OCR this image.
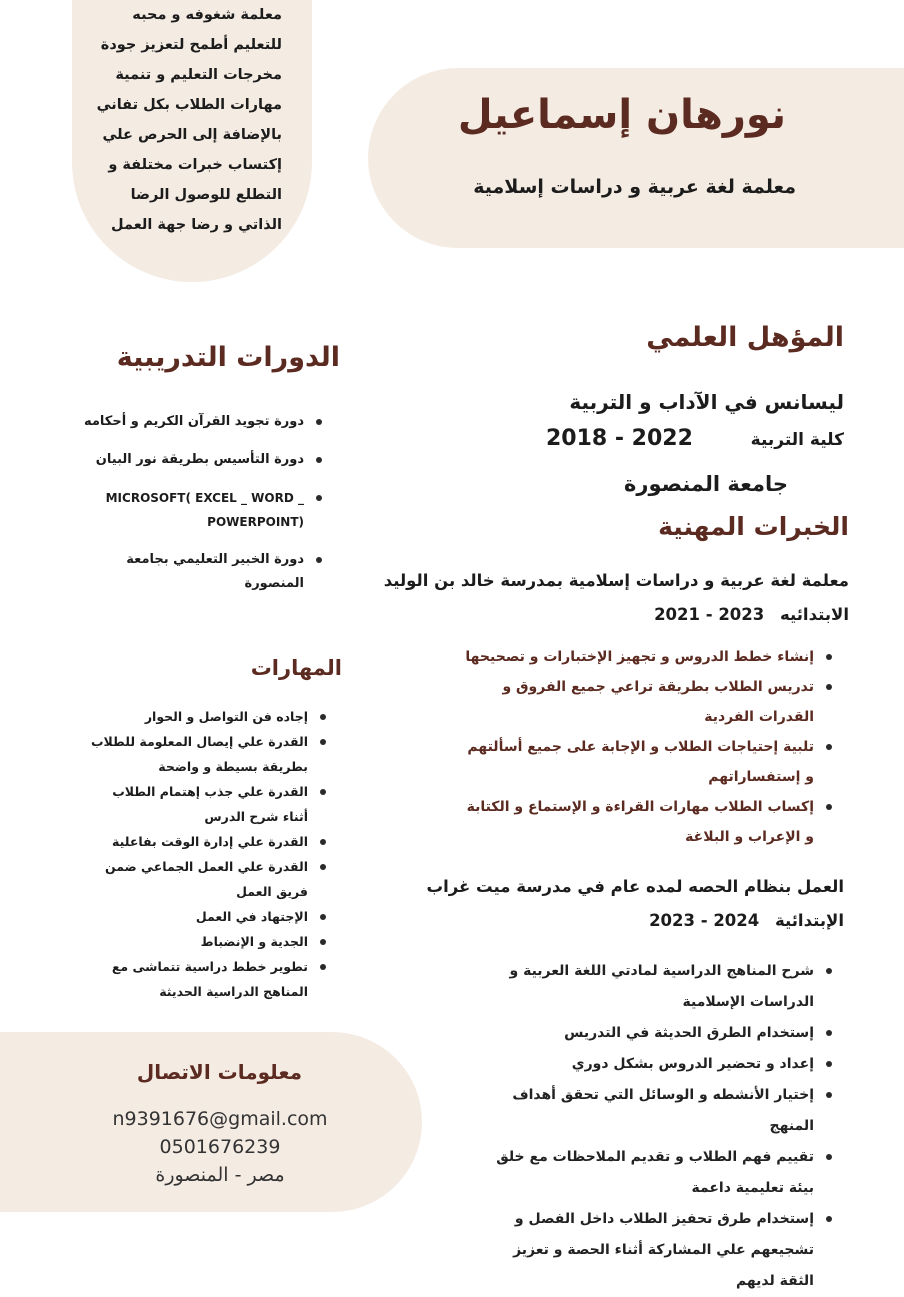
معلمة شغوفه و محبه للتعليم أطمح لتعزيز جودة مخرجات التعليم و تنمية مهارات الطلاب بكل تفاني بالإضافة إلى الحرص علي إكتساب خبرات مختلفة و التطلع للوصول الرضا الذاتي و رضا جهة العمل
نورهان إسماعيل
معلمة لغة عربية و دراسات إسلامية
المؤهل العلمي
ليسانس في الآداب و التربية
كلية التربية
2018 - 2022
جامعة المنصورة
الخبرات المهنية
معلمة لغة عربية و دراسات إسلامية بمدرسة خالد بن الوليد
الابتدائيه 2021 - 2023
إنشاء خطط الدروس و تجهيز الإختبارات و تصحيحها
تدريس الطلاب بطريقة تراعي جميع الفروق و القدرات الفردية
تلبية إحتياجات الطلاب و الإجابة على جميع أسألتهم و إستفساراتهم
إكساب الطلاب مهارات القراءة و الإستماع و الكتابة و الإعراب و البلاغة
العمل بنظام الحصه لمده عام في مدرسة ميت غراب
الإبتدائية 2023 - 2024
شرح المناهج الدراسية لمادتي اللغة العربية و الدراسات الإسلامية
إستخدام الطرق الحديثة في التدريس
إعداد و تحضير الدروس بشكل دوري
إختيار الأنشطه و الوسائل التي تحقق أهداف المنهج
تقييم فهم الطلاب و تقديم الملاحظات مع خلق بيئة تعليمية داعمة
إستخدام طرق تحفيز الطلاب داخل الفصل و تشجيعهم علي المشاركة أثناء الحصة و تعزيز الثقة لديهم
الدورات التدريبية
دورة تجويد القرآن الكريم و أحكامه
دورة التأسيس بطريقة نور البيان
MICROSOFT( EXCEL _ WORD _ POWERPOINT)
دورة الخبير التعليمي بجامعة المنصورة
المهارات
إجاده فن التواصل و الحوار
القدرة علي إيصال المعلومة للطلاب بطريقة بسيطة و واضحة
القدرة علي جذب إهتمام الطلاب أثناء شرح الدرس
القدرة علي إدارة الوقت بفاعلية
القدرة علي العمل الجماعي ضمن فريق العمل
الإجتهاد في العمل
الجدية و الإنضباط
تطوير خطط دراسية تتماشى مع المناهج الدراسية الحديثة
معلومات الاتصال
n9391676@gmail.com
0501676239
مصر - المنصورة
